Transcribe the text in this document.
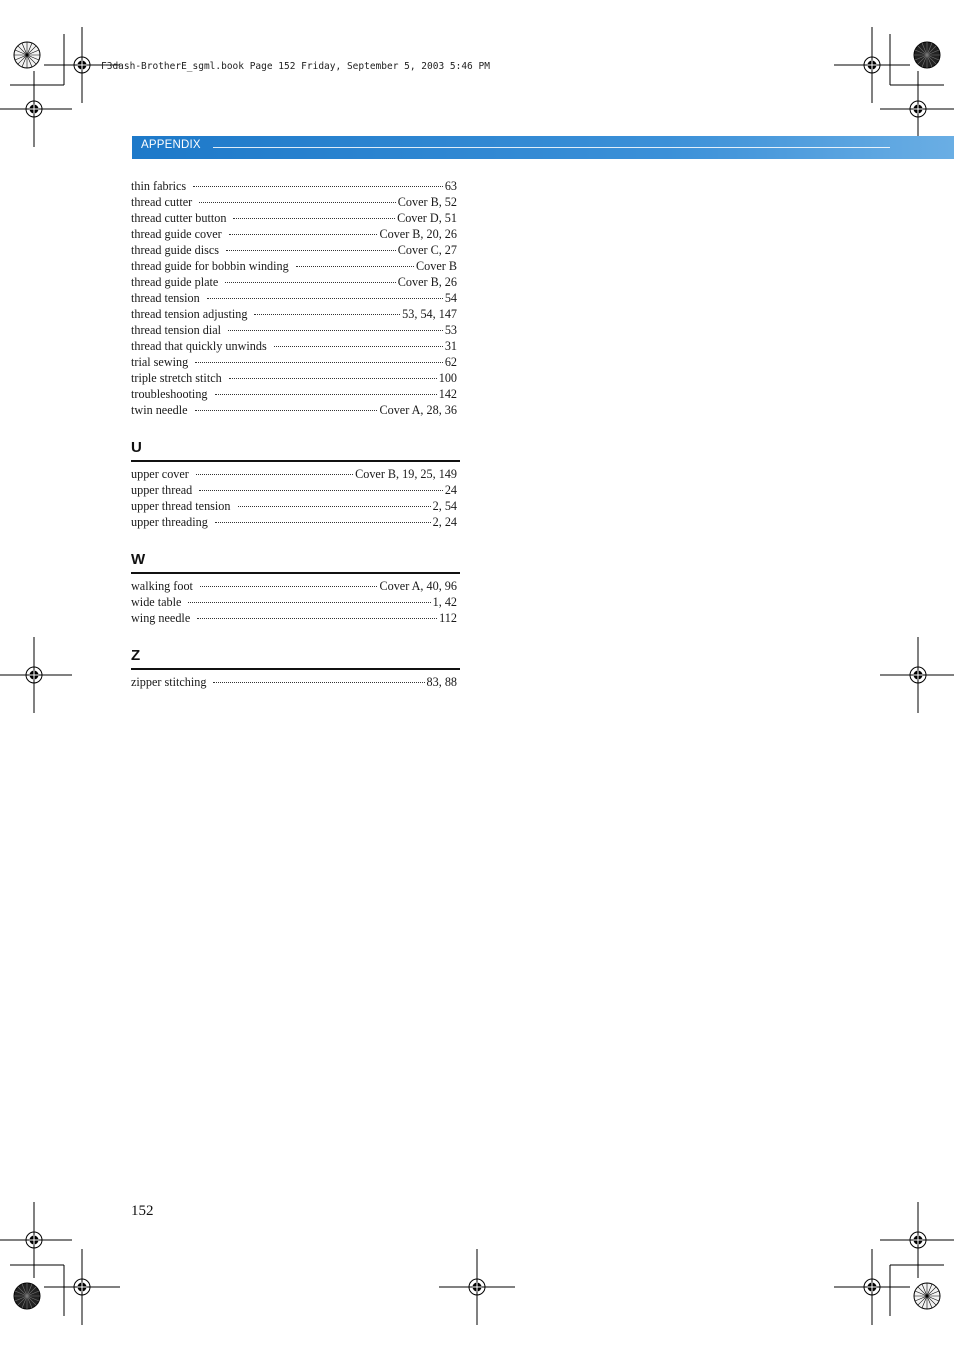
F3dash-BrotherE_sgml.book Page 152 Friday, September 5, 2003 5:46 PM
APPENDIX
thin fabrics	63
thread cutter	Cover B, 52
thread cutter button	Cover D, 51
thread guide cover	Cover B, 20, 26
thread guide discs	Cover C, 27
thread guide for bobbin winding	Cover B
thread guide plate	Cover B, 26
thread tension	54
thread tension adjusting	53, 54, 147
thread tension dial	53
thread that quickly unwinds	31
trial sewing	62
triple stretch stitch	100
troubleshooting	142
twin needle	Cover A, 28, 36
U
upper cover	Cover B, 19, 25, 149
upper thread	24
upper thread tension	2, 54
upper threading	2, 24
W
walking foot	Cover A, 40, 96
wide table	1, 42
wing needle	112
Z
zipper stitching	83, 88
152
